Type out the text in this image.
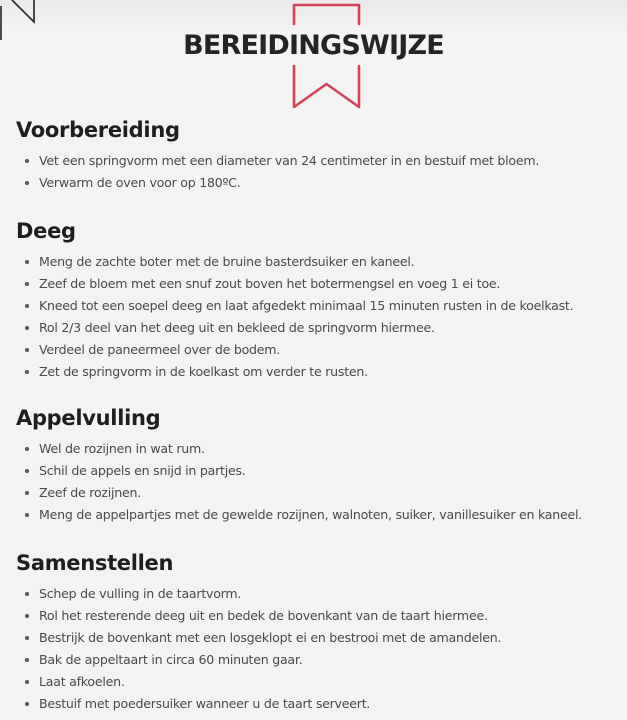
BEREIDINGSWIJZE
Voorbereiding
Vet een springvorm met een diameter van 24 centimeter in en bestuif met bloem.
Verwarm de oven voor op 180ºC.
Deeg
Meng de zachte boter met de bruine basterdsuiker en kaneel.
Zeef de bloem met een snuf zout boven het botermengsel en voeg 1 ei toe.
Kneed tot een soepel deeg en laat afgedekt minimaal 15 minuten rusten in de koelkast.
Rol 2/3 deel van het deeg uit en bekleed de springvorm hiermee.
Verdeel de paneermeel over de bodem.
Zet de springvorm in de koelkast om verder te rusten.
Appelvulling
Wel de rozijnen in wat rum.
Schil de appels en snijd in partjes.
Zeef de rozijnen.
Meng de appelpartjes met de gewelde rozijnen, walnoten, suiker, vanillesuiker en kaneel.
Samenstellen
Schep de vulling in de taartvorm.
Rol het resterende deeg uit en bedek de bovenkant van de taart hiermee.
Bestrijk de bovenkant met een losgeklopt ei en bestrooi met de amandelen.
Bak de appeltaart in circa 60 minuten gaar.
Laat afkoelen.
Bestuif met poedersuiker wanneer u de taart serveert.
